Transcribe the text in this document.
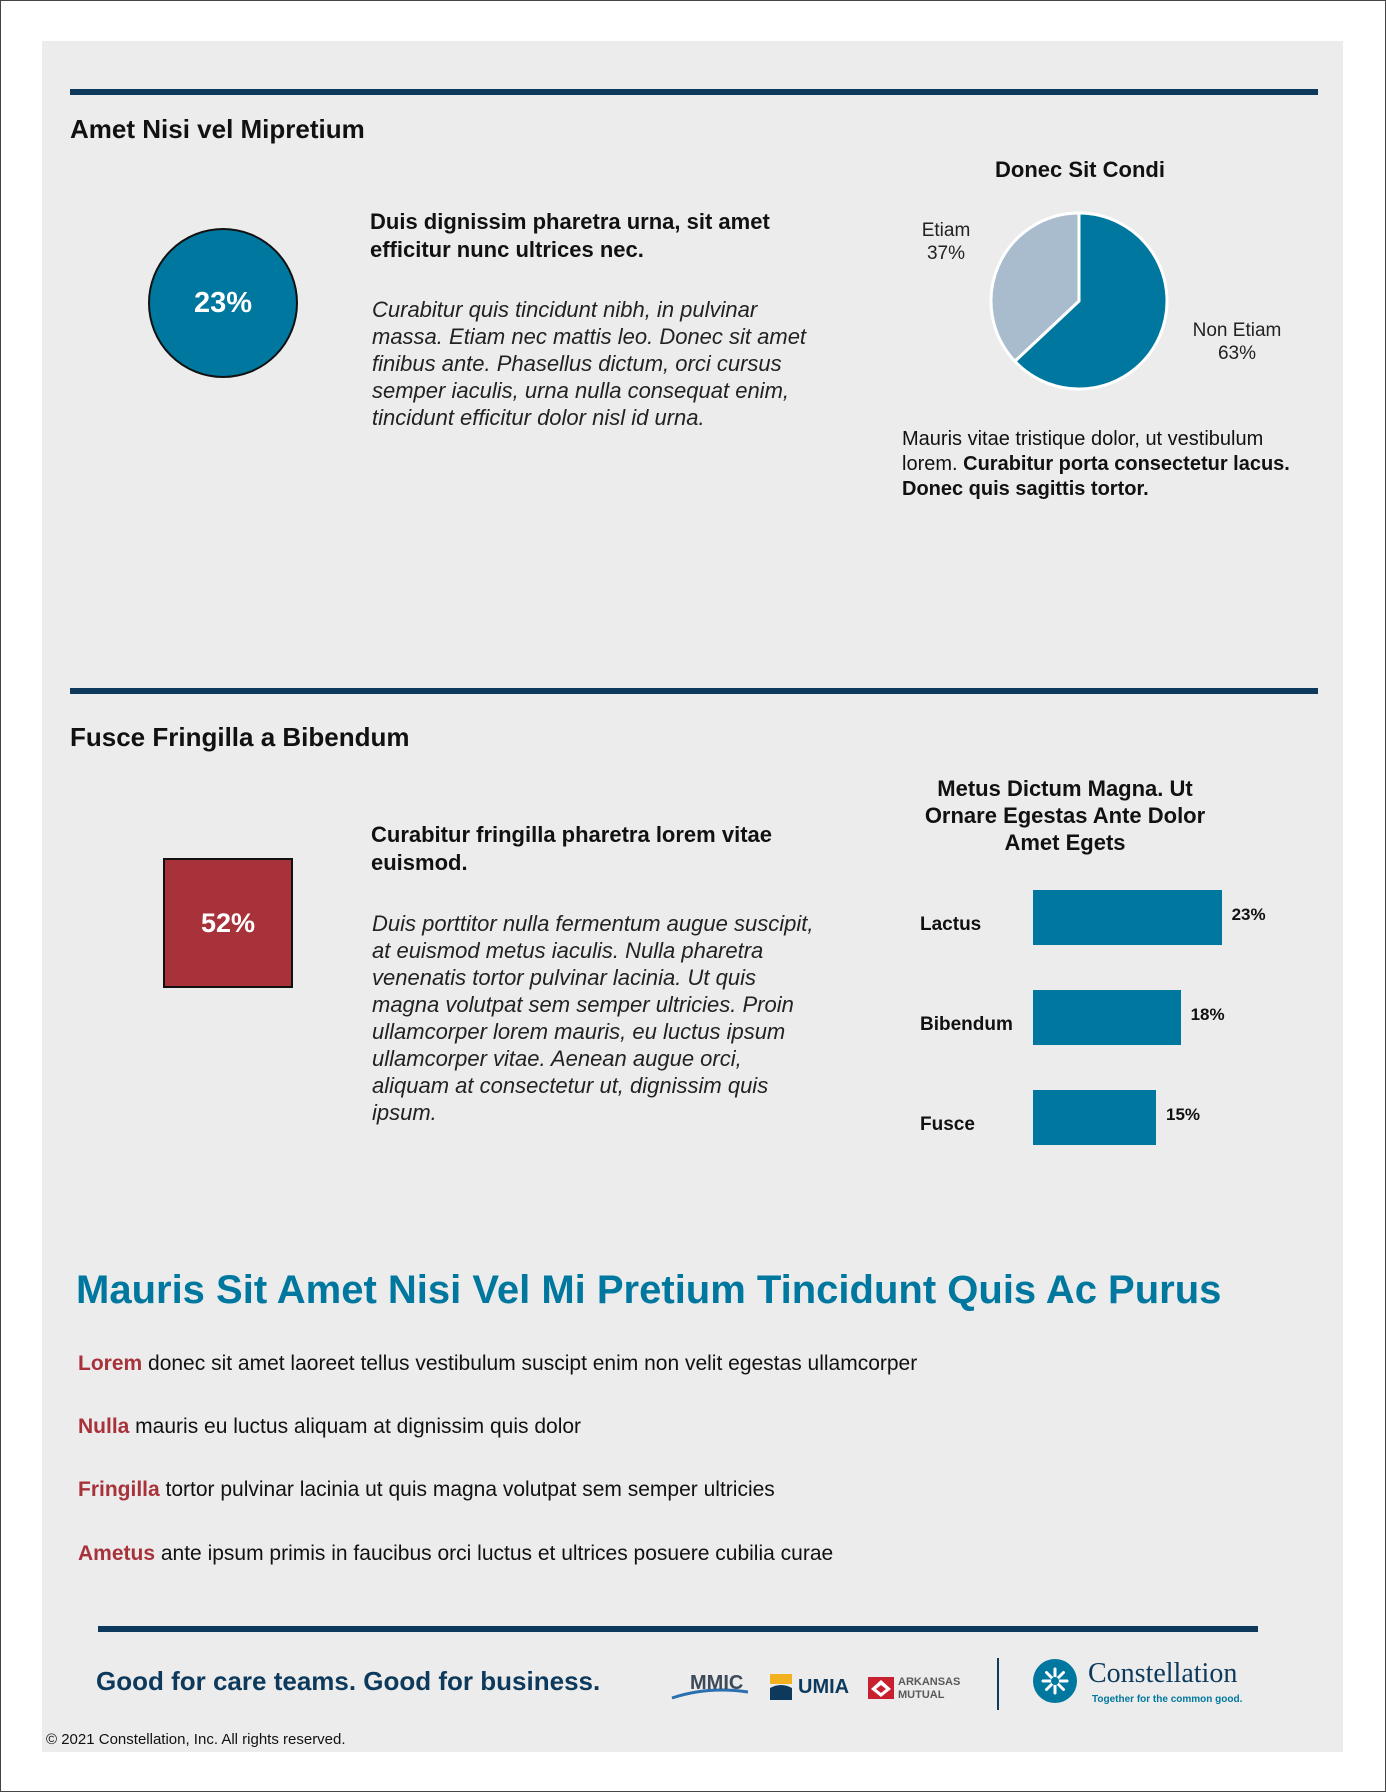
Amet Nisi vel Mipretium
23%
Duis dignissim pharetra urna, sit amet efficitur nunc ultrices nec.
Curabitur quis tincidunt nibh, in pulvinar massa. Etiam nec mattis leo. Donec sit amet finibus ante. Phasellus dictum, orci cursus semper iaculis, urna nulla consequat enim, tincidunt efficitur dolor nisl id urna.
Donec Sit Condi
Etiam
37%
Non Etiam
63%
Mauris vitae tristique dolor, ut vestibulum lorem. Curabitur porta consectetur lacus. Donec quis sagittis tortor.
Fusce Fringilla a Bibendum
52%
Curabitur fringilla pharetra lorem vitae euismod.
Duis porttitor nulla fermentum augue suscipit, at euismod metus iaculis. Nulla pharetra venenatis tortor pulvinar lacinia. Ut quis magna volutpat sem semper ultricies. Proin ullamcorper lorem mauris, eu luctus ipsum ullamcorper vitae. Aenean augue orci, aliquam at consectetur ut, dignissim quis ipsum.
Metus Dictum Magna. Ut Ornare Egestas Ante Dolor Amet Egets
Lactus	23%
Bibendum	18%
Fusce	15%
Mauris Sit Amet Nisi Vel Mi Pretium Tincidunt Quis Ac Purus
Lorem donec sit amet laoreet tellus vestibulum suscipt enim non velit egestas ullamcorper
Nulla mauris eu luctus aliquam at dignissim quis dolor
Fringilla tortor pulvinar lacinia ut quis magna volutpat sem semper ultricies
Ametus ante ipsum primis in faucibus orci luctus et ultrices posuere cubilia curae
Good for care teams. Good for business.	MMIC	UMIA	ARKANSAS
MUTUAL
Constellation
Together for the common good.
© 2021 Constellation, Inc. All rights reserved.
